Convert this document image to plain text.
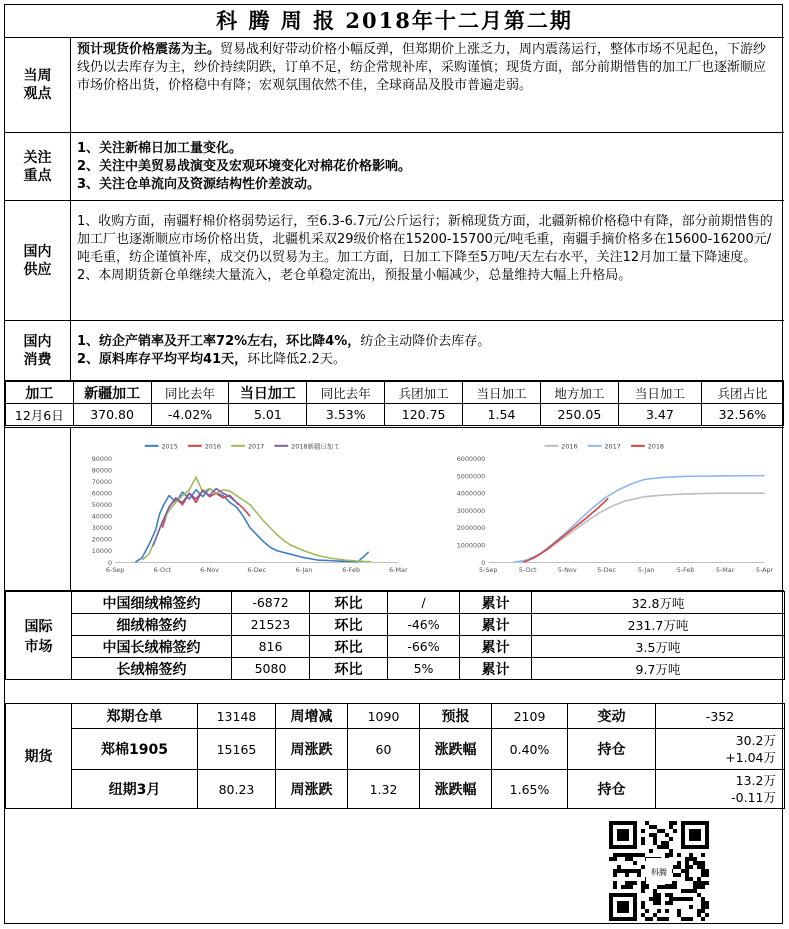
科 腾 周 报 2018年十二月第二期
当周观点
预计现货价格震荡为主。贸易战利好带动价格小幅反弹，但郑期价上涨乏力，周内震荡运行，整体市场不见起色，下游纱线仍以去库存为主，纱价持续阴跌，订单不足，纺企常规补库，采购谨慎；现货方面，部分前期惜售的加工厂也逐渐顺应市场价格出货，价格稳中有降；宏观氛围依然不佳，全球商品及股市普遍走弱。
关注重点
1、关注新棉日加工量变化。
2、关注中美贸易战演变及宏观环境变化对棉花价格影响。
3、关注仓单流向及资源结构性价差波动。
国内供应
1、收购方面，南疆籽棉价格弱势运行，至6.3-6.7元/公斤运行；新棉现货方面，北疆新棉价格稳中有降，部分前期惜售的加工厂也逐渐顺应市场价格出货，北疆机采双29级价格在15200-15700元/吨毛重，南疆手摘价格多在15600-16200元/吨毛重，纺企谨慎补库，成交仍以贸易为主。加工方面，日加工下降至5万吨/天左右水平，关注12月加工量下降速度。
2、本周期货新仓单继续大量流入，老仓单稳定流出，预报量小幅减少，总量维持大幅上升格局。
国内消费
1、纺企产销率及开工率72%左右，环比降4%，纺企主动降价去库存。
2、原料库存平均平均41天，环比降低2.2天。
加工	新疆加工	同比去年	当日加工	同比去年	兵团加工	当日加工	地方加工	当日加工	兵团占比
12月6日	370.80	-4.02%	5.01	3.53%	120.75	1.54	250.05	3.47	32.56%
0
10000
20000
30000
40000
50000
60000
70000
80000
90000
6-Sep	6-Oct	6-Nov	6-Dec	6-Jan	6-Feb	6-Mar
2015	2016	2017	2018新疆日加工
0
1000000
2000000
3000000
4000000
5000000
6000000
5-Sep	5-Oct	5-Nov	5-Dec	5-Jan	5-Feb	5-Mar	5-Apr
2016	2017	2018
国际市场	中国细绒棉签约	-6872	环比	/	累计	32.8万吨
	细绒棉签约	21523	环比	-46%	累计	231.7万吨
	中国长绒棉签约	816	环比	-66%	累计	3.5万吨
	长绒棉签约	5080	环比	5%	累计	9.7万吨
期货	郑期仓单	13148	周增减	1090	预报	2109	变动	-352
	郑棉1905	15165	周涨跌	60	涨跌幅	0.40%	持仓	30.2万
+1.04万

	纽期3月	80.23	周涨跌	1.32	涨跌幅	1.65%	持仓	13.2万
-0.11万
科腾
